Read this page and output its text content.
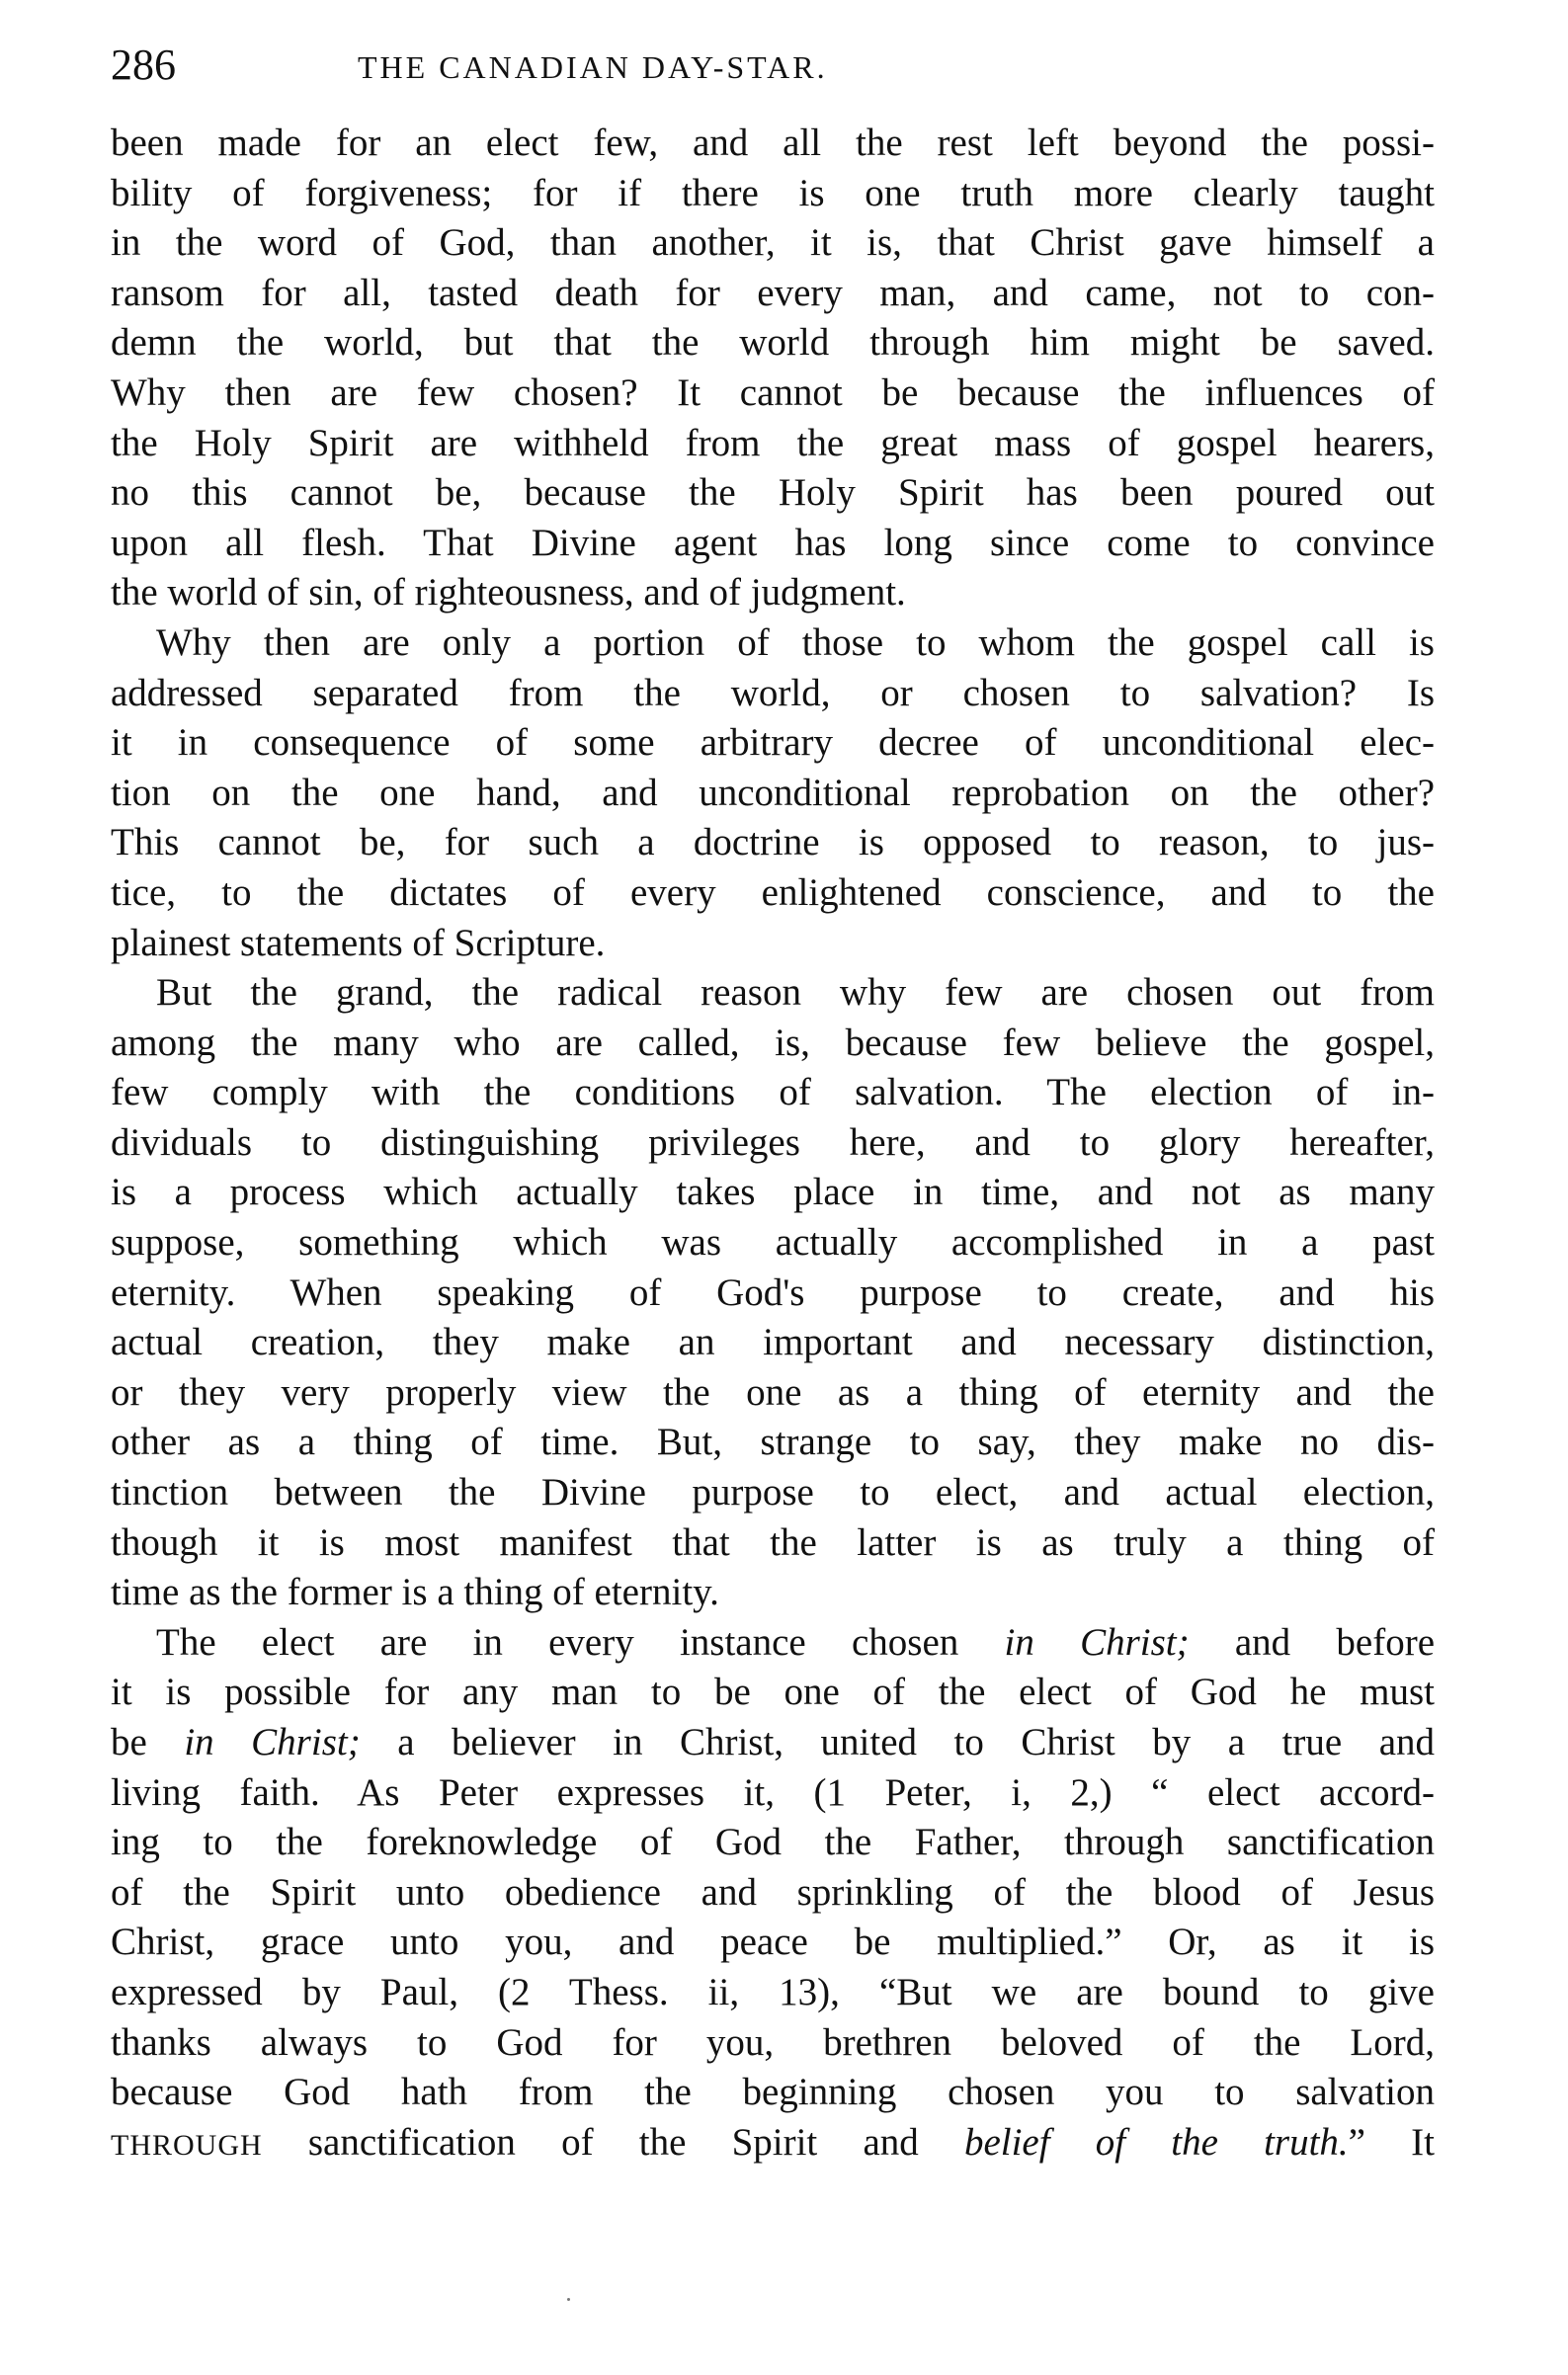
286	THE CANADIAN DAY-STAR.
been made for an elect few, and all the rest left beyond the possi-
bility of forgiveness; for if there is one truth more clearly taught
in the word of God, than another, it is, that Christ gave himself a
ransom for all, tasted death for every man, and came, not to con-
demn the world, but that the world through him might be saved.
Why then are few chosen? It cannot be because the influences of
the Holy Spirit are withheld from the great mass of gospel hearers,
no this cannot be, because the Holy Spirit has been poured out
upon all flesh. That Divine agent has long since come to convince
the world of sin, of righteousness, and of judgment.
Why then are only a portion of those to whom the gospel call is
addressed separated from the world, or chosen to salvation? Is
it in consequence of some arbitrary decree of unconditional elec-
tion on the one hand, and unconditional reprobation on the other?
This cannot be, for such a doctrine is opposed to reason, to jus-
tice, to the dictates of every enlightened conscience, and to the
plainest statements of Scripture.
But the grand, the radical reason why few are chosen out from
among the many who are called, is, because few believe the gospel,
few comply with the conditions of salvation. The election of in-
dividuals to distinguishing privileges here, and to glory hereafter,
is a process which actually takes place in time, and not as many
suppose, something which was actually accomplished in a past
eternity. When speaking of God's purpose to create, and his
actual creation, they make an important and necessary distinction,
or they very properly view the one as a thing of eternity and the
other as a thing of time. But, strange to say, they make no dis-
tinction between the Divine purpose to elect, and actual election,
though it is most manifest that the latter is as truly a thing of
time as the former is a thing of eternity.
The elect are in every instance chosen in Christ; and before
it is possible for any man to be one of the elect of God he must
be in Christ; a believer in Christ, united to Christ by a true and
living faith. As Peter expresses it, (1 Peter, i, 2,) “ elect accord-
ing to the foreknowledge of God the Father, through sanctification
of the Spirit unto obedience and sprinkling of the blood of Jesus
Christ, grace unto you, and peace be multiplied.” Or, as it is
expressed by Paul, (2 Thess. ii, 13), “But we are bound to give
thanks always to God for you, brethren beloved of the Lord,
because God hath from the beginning chosen you to salvation
THROUGH sanctification of the Spirit and belief of the truth.” It
